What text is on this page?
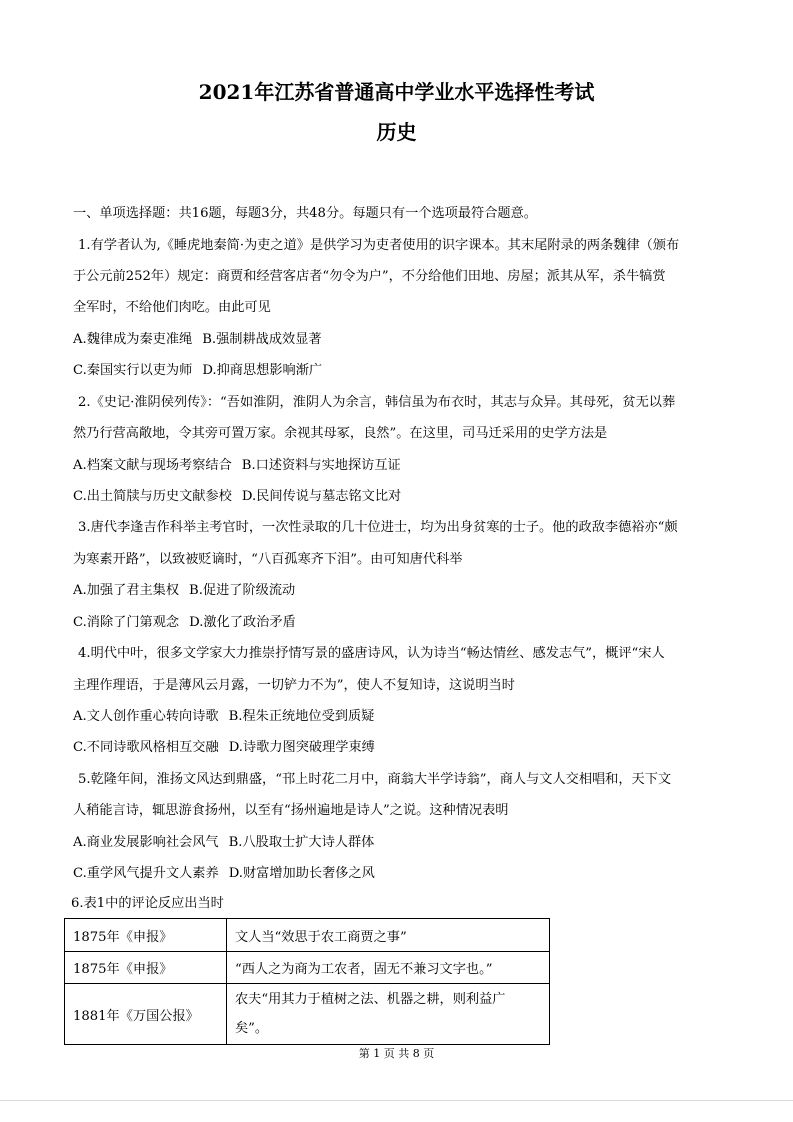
2021年江苏省普通高中学业水平选择性考试
历史
一、单项选择题：共16题，每题3分，共48分。每题只有一个选项最符合题意。
1.有学者认为,《睡虎地秦简·为吏之道》是供学习为吏者使用的识字课本。其末尾附录的两条魏律（颁布
于公元前252年）规定：商贾和经营客店者“勿令为户”，不分给他们田地、房屋；派其从军，杀牛犒赏
全军时，不给他们肉吃。由此可见
A.魏律成为秦吏准绳 B.强制耕战成效显著
C.秦国实行以吏为师 D.抑商思想影响渐广
2.《史记·淮阴侯列传》：“吾如淮阴，淮阴人为余言，韩信虽为布衣时，其志与众异。其母死，贫无以葬
然乃行营高敞地，令其旁可置万家。余视其母冢，良然”。在这里，司马迁采用的史学方法是
A.档案文献与现场考察结合 B.口述资料与实地探访互证
C.出土简牍与历史文献参校 D.民间传说与墓志铭文比对
3.唐代李逢吉作科举主考官时，一次性录取的几十位进士，均为出身贫寒的士子。他的政敌李德裕亦“颇
为寒素开路”，以致被贬谪时，“八百孤寒齐下泪”。由可知唐代科举
A.加强了君主集权 B.促进了阶级流动
C.消除了门第观念 D.激化了政治矛盾
4.明代中叶，很多文学家大力推崇抒情写景的盛唐诗风，认为诗当“畅达情丝、感发志气”，概评“宋人
主理作理语，于是薄风云月露，一切铲力不为”，使人不复知诗，这说明当时
A.文人创作重心转向诗歌 B.程朱正统地位受到质疑
C.不同诗歌风格相互交融 D.诗歌力图突破理学束缚
5.乾隆年间，淮扬文风达到鼎盛，“邗上时花二月中，商翁大半学诗翁”，商人与文人交相唱和，天下文
人稍能言诗，辄思游食扬州，以至有“扬州遍地是诗人”之说。这种情况表明
A.商业发展影响社会风气 B.八股取士扩大诗人群体
C.重学风气提升文人素养 D.财富增加助长奢侈之风
6.表1中的评论反应出当时
1875年《申报》	文人当“效思于农工商贾之事”
1875年《申报》	“西人之为商为工农者，固无不兼习文字也。”
1881年《万国公报》	农夫“用其力于植树之法、机器之耕，则利益广
矣”。
第 1 页 共 8 页
